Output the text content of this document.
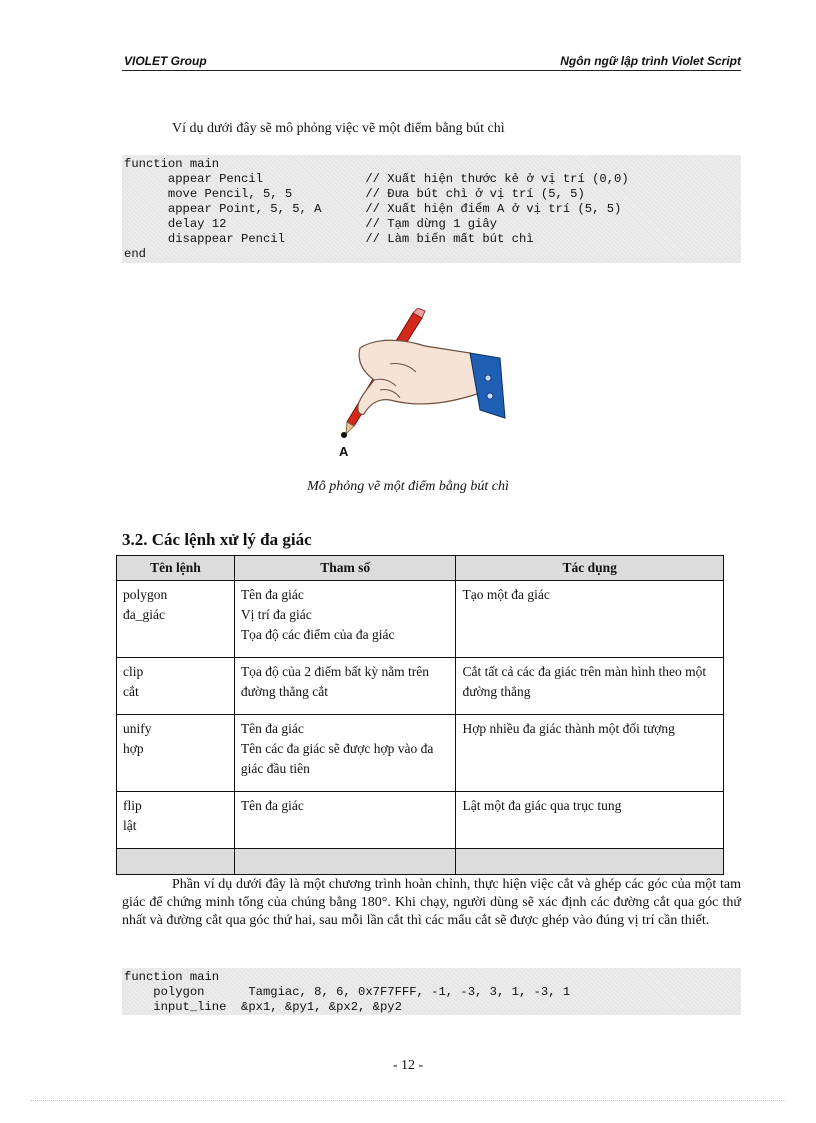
VIOLET Group	Ngôn ngữ lập trình Violet Script
Ví dụ dưới đây sẽ mô phỏng việc vẽ một điểm bằng bút chì
function main
appear Pencil              // Xuất hiện thước kẻ ở vị trí (0,0)
move Pencil, 5, 5          // Đưa bút chì ở vị trí (5, 5)
appear Point, 5, 5, A      // Xuất hiện điểm A ở vị trí (5, 5)
delay 12                   // Tạm dừng 1 giây
disappear Pencil           // Làm biến mất bút chì
end
A
Mô phỏng vẽ một điểm bằng bút chì
3.2. Các lệnh xử lý đa giác
Tên lệnh	Tham số	Tác dụng

polygon
đa_giác	Tên đa giác
Vị trí đa giác
Tọa độ các điểm của đa giác	Tạo một đa giác

clip
cắt	Tọa độ của 2 điểm bất kỳ nằm trên đường thẳng cắt	Cắt tất cả các đa giác trên màn hình theo một đường thẳng

unify
hợp	Tên đa giác
Tên các đa giác sẽ được hợp vào đa giác đầu tiên	Hợp nhiều đa giác thành một đối tượng

flip
lật	Tên đa giác	Lật một đa giác qua trục tung

Phần ví dụ dưới đây là một chương trình hoàn chỉnh, thực hiện việc cắt và ghép các góc của một tam giác để chứng minh tổng của chúng bằng 180°. Khi chạy, người dùng sẽ xác định các đường cắt qua góc thứ nhất và đường cắt qua góc thứ hai, sau mỗi lần cắt thì các mẩu cắt sẽ được ghép vào đúng vị trí cần thiết.
function main
polygon      Tamgiac, 8, 6, 0x7F7FFF, -1, -3, 3, 1, -3, 1
input_line  &px1, &py1, &px2, &py2
- 12 -
